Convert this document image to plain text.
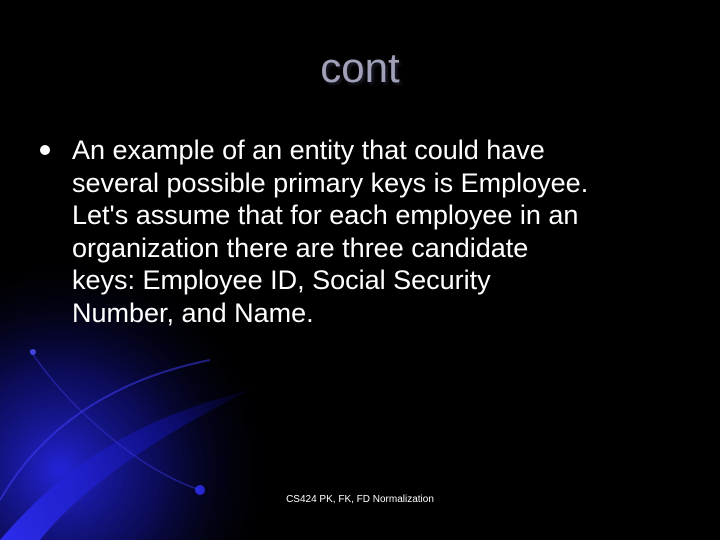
cont
An example of an entity that could have
several possible primary keys is Employee.
Let's assume that for each employee in an
organization there are three candidate
keys: Employee ID, Social Security
Number, and Name.
CS424 PK, FK, FD Normalization
